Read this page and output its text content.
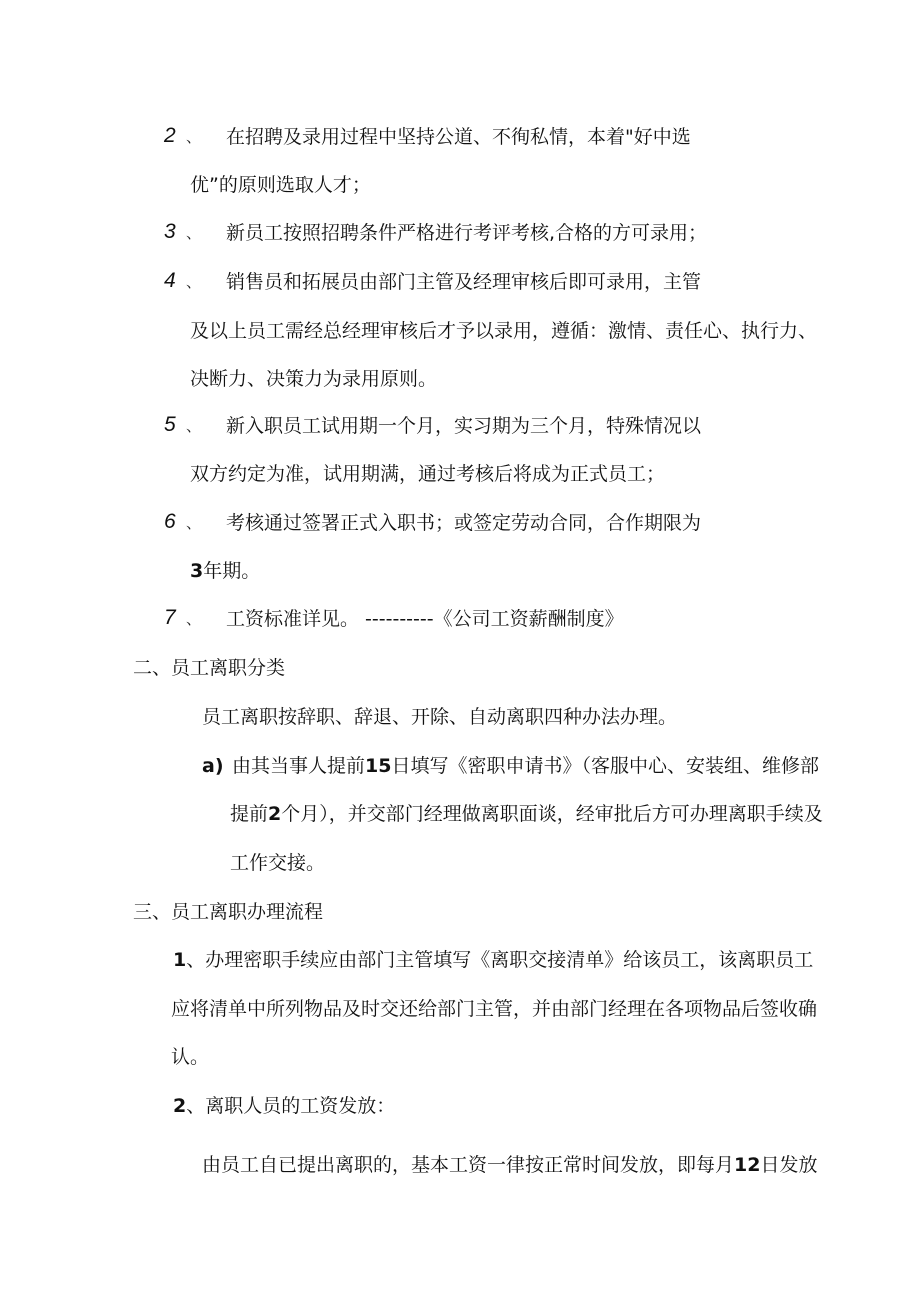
2 、 在招聘及录用过程中坚持公道、不徇私情，本着"好中选
优”的原则选取人才；
3 、 新员工按照招聘条件严格进行考评考核,合格的方可录用；
4 、 销售员和拓展员由部门主管及经理审核后即可录用，主管
及以上员工需经总经理审核后才予以录用，遵循：激情、责任心、执行力、
决断力、决策力为录用原则。
5 、 新入职员工试用期一个月，实习期为三个月，特殊情况以
双方约定为准，试用期满，通过考核后将成为正式员工；
6 、 考核通过签署正式入职书；或签定劳动合同，合作期限为
3年期。
7 、 工资标准详见。 ----------《公司工资薪酬制度》
二、员工离职分类
员工离职按辞职、辞退、开除、自动离职四种办法办理。
a) 由其当事人提前15日填写《密职申请书》（客服中心、安装组、维修部
提前2个月），并交部门经理做离职面谈，经审批后方可办理离职手续及
工作交接。
三、员工离职办理流程
1、办理密职手续应由部门主管填写《离职交接清单》给该员工，该离职员工
应将清单中所列物品及时交还给部门主管，并由部门经理在各项物品后签收确
认。
2、离职人员的工资发放：
由员工自已提出离职的，基本工资一律按正常时间发放，即每月12日发放
